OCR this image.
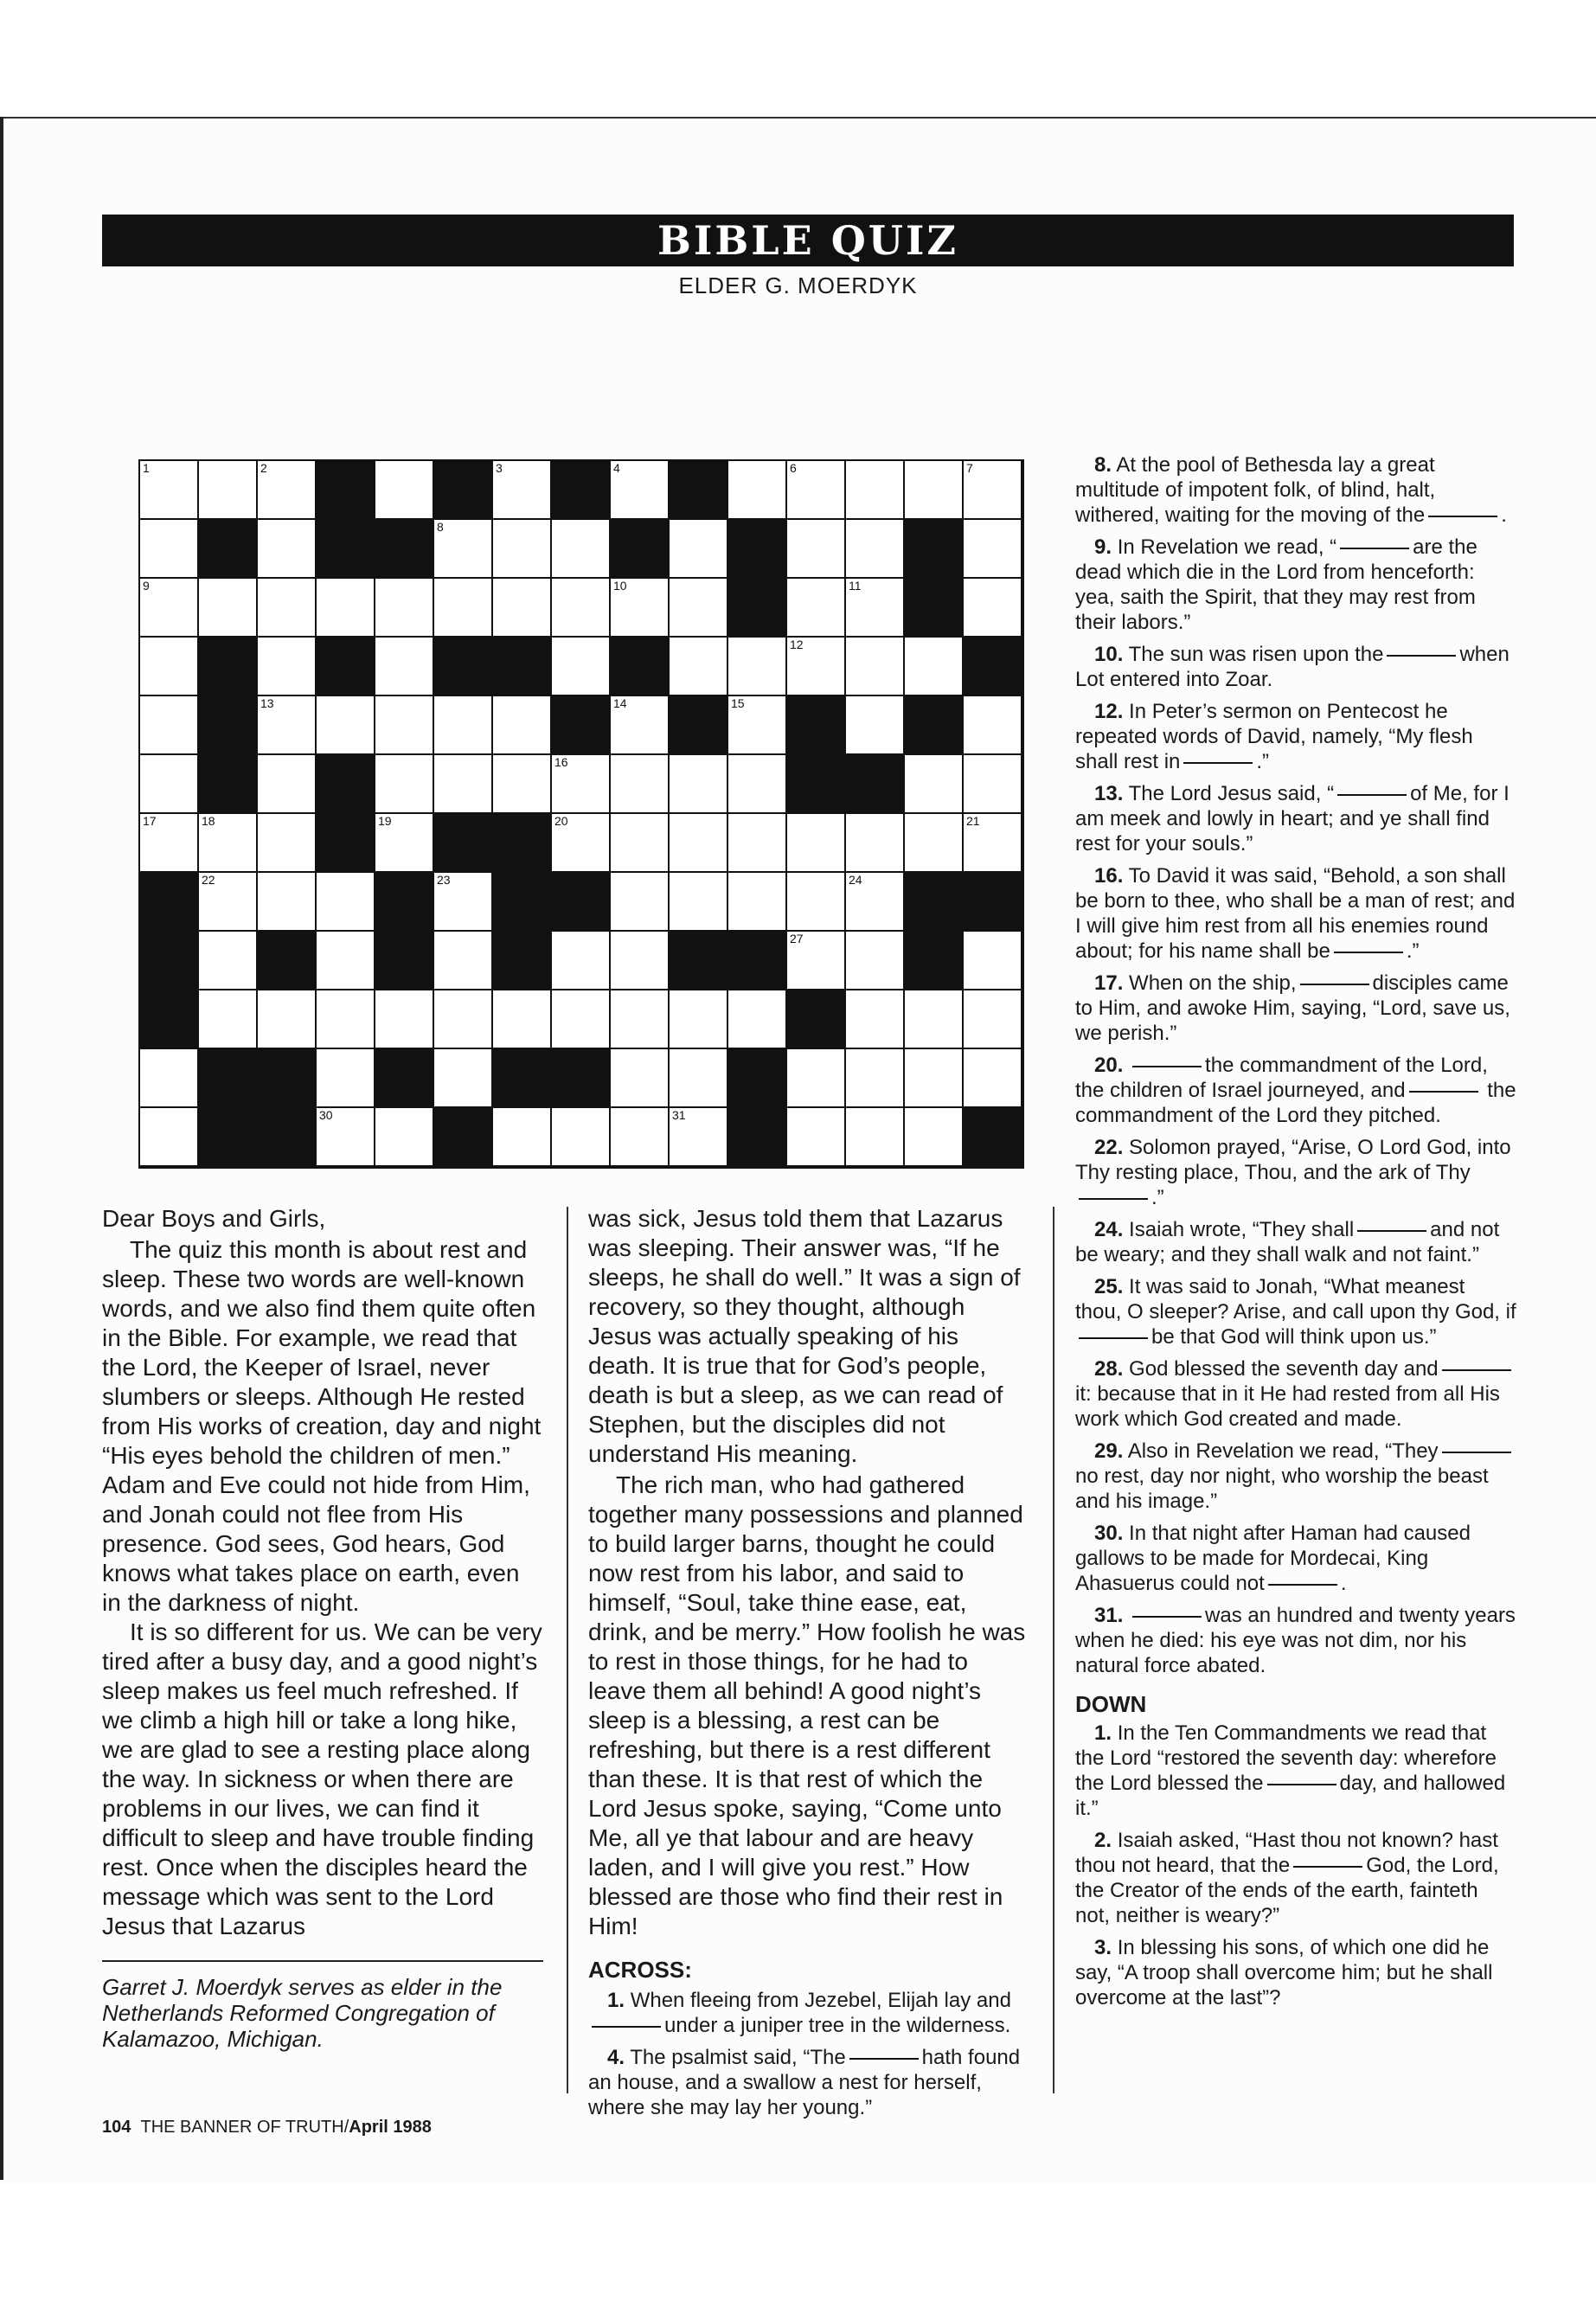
BIBLE QUIZ
ELDER G. MOERDYK
1	2	3	4	5	6	7
8
9	10	11
12
13	14	15
16
17	18	19	20	21
22	23	24
25	26	27
28	29
30	31

Dear Boys and Girls,

The quiz this month is about rest and sleep. These two words are well-known words, and we also find them quite often in the Bible. For example, we read that the Lord, the Keeper of Israel, never slumbers or sleeps. Although He rested from His works of creation, day and night “His eyes behold the children of men.” Adam and Eve could not hide from Him, and Jonah could not flee from His presence. God sees, God hears, God knows what takes place on earth, even in the darkness of night.

It is so different for us. We can be very tired after a busy day, and a good night’s sleep makes us feel much refreshed. If we climb a high hill or take a long hike, we are glad to see a resting place along the way. In sickness or when there are problems in our lives, we can find it difficult to sleep and have trouble finding rest. Once when the disciples heard the message which was sent to the Lord Jesus that Lazarus

Garret J. Moerdyk serves as elder in the Netherlands Reformed Congregation of Kalamazoo, Michigan.

was sick, Jesus told them that Lazarus was sleeping. Their answer was, “If he sleeps, he shall do well.” It was a sign of recovery, so they thought, although Jesus was actually speaking of his death. It is true that for God’s people, death is but a sleep, as we can read of Stephen, but the disciples did not understand His meaning.

The rich man, who had gathered together many possessions and planned to build larger barns, thought he could now rest from his labor, and said to himself, “Soul, take thine ease, eat, drink, and be merry.” How foolish he was to rest in those things, for he had to leave them all behind! A good night’s sleep is a blessing, a rest can be refreshing, but there is a rest different than these. It is that rest of which the Lord Jesus spoke, saying, “Come unto Me, all ye that labour and are heavy laden, and I will give you rest.” How blessed are those who find their rest in Him!

ACROSS:

1. When fleeing from Jezebel, Elijah lay andunder a juniper tree in the wilderness.

4. The psalmist said, “The	hath found an house, and a swallow a nest for herself, where she may lay her young.”

8. At the pool of Bethesda lay a great multitude of impotent folk, of blind, halt, withered, waiting for the moving of the	.

9. In Revelation we read, “	are the dead which die in the Lord from henceforth: yea, saith the Spirit, that they may rest from their labors.”

10. The sun was risen upon the	when Lot entered into Zoar.

12. In Peter’s sermon on Pentecost he repeated words of David, namely, “My flesh shall rest in	.”

13. The Lord Jesus said, “	of Me, for I am meek and lowly in heart; and ye shall find rest for your souls.”

16. To David it was said, “Behold, a son shall be born to thee, who shall be a man of rest; and I will give him rest from all his enemies round about; for his name shall be	.”

17. When on the ship,	disciples came to Him, and awoke Him, saying, “Lord, save us, we perish.”

20.	the commandment of the Lord, the children of Israel journeyed, and	the commandment of the Lord they pitched.

22. Solomon prayed, “Arise, O Lord God, into Thy resting place, Thou, and the ark of Thy.”

24. Isaiah wrote, “They shall	and not be weary; and they shall walk and not faint.”

25. It was said to Jonah, “What meanest thou, O sleeper? Arise, and call upon thy God, ifbe that God will think upon us.”

28. God blessed the seventh day andit: because that in it He had rested from all His work which God created and made.

29. Also in Revelation we read, “Theyno rest, day nor night, who worship the beast and his image.”

30. In that night after Haman had caused gallows to be made for Mordecai, King Ahasuerus could not	.

31.	was an hundred and twenty years when he died: his eye was not dim, nor his natural force abated.

DOWN

1. In the Ten Commandments we read that the Lord “restored the seventh day: wherefore the Lord blessed the	day, and hallowed it.”

2. Isaiah asked, “Hast thou not known? hast thou not heard, that the	God, the Lord, the Creator of the ends of the earth, fainteth not, neither is weary?”

3. In blessing his sons, of which one did he say, “A troop shall overcome him; but he shall overcome at the last”?

104 THE BANNER OF TRUTH/April 1988
